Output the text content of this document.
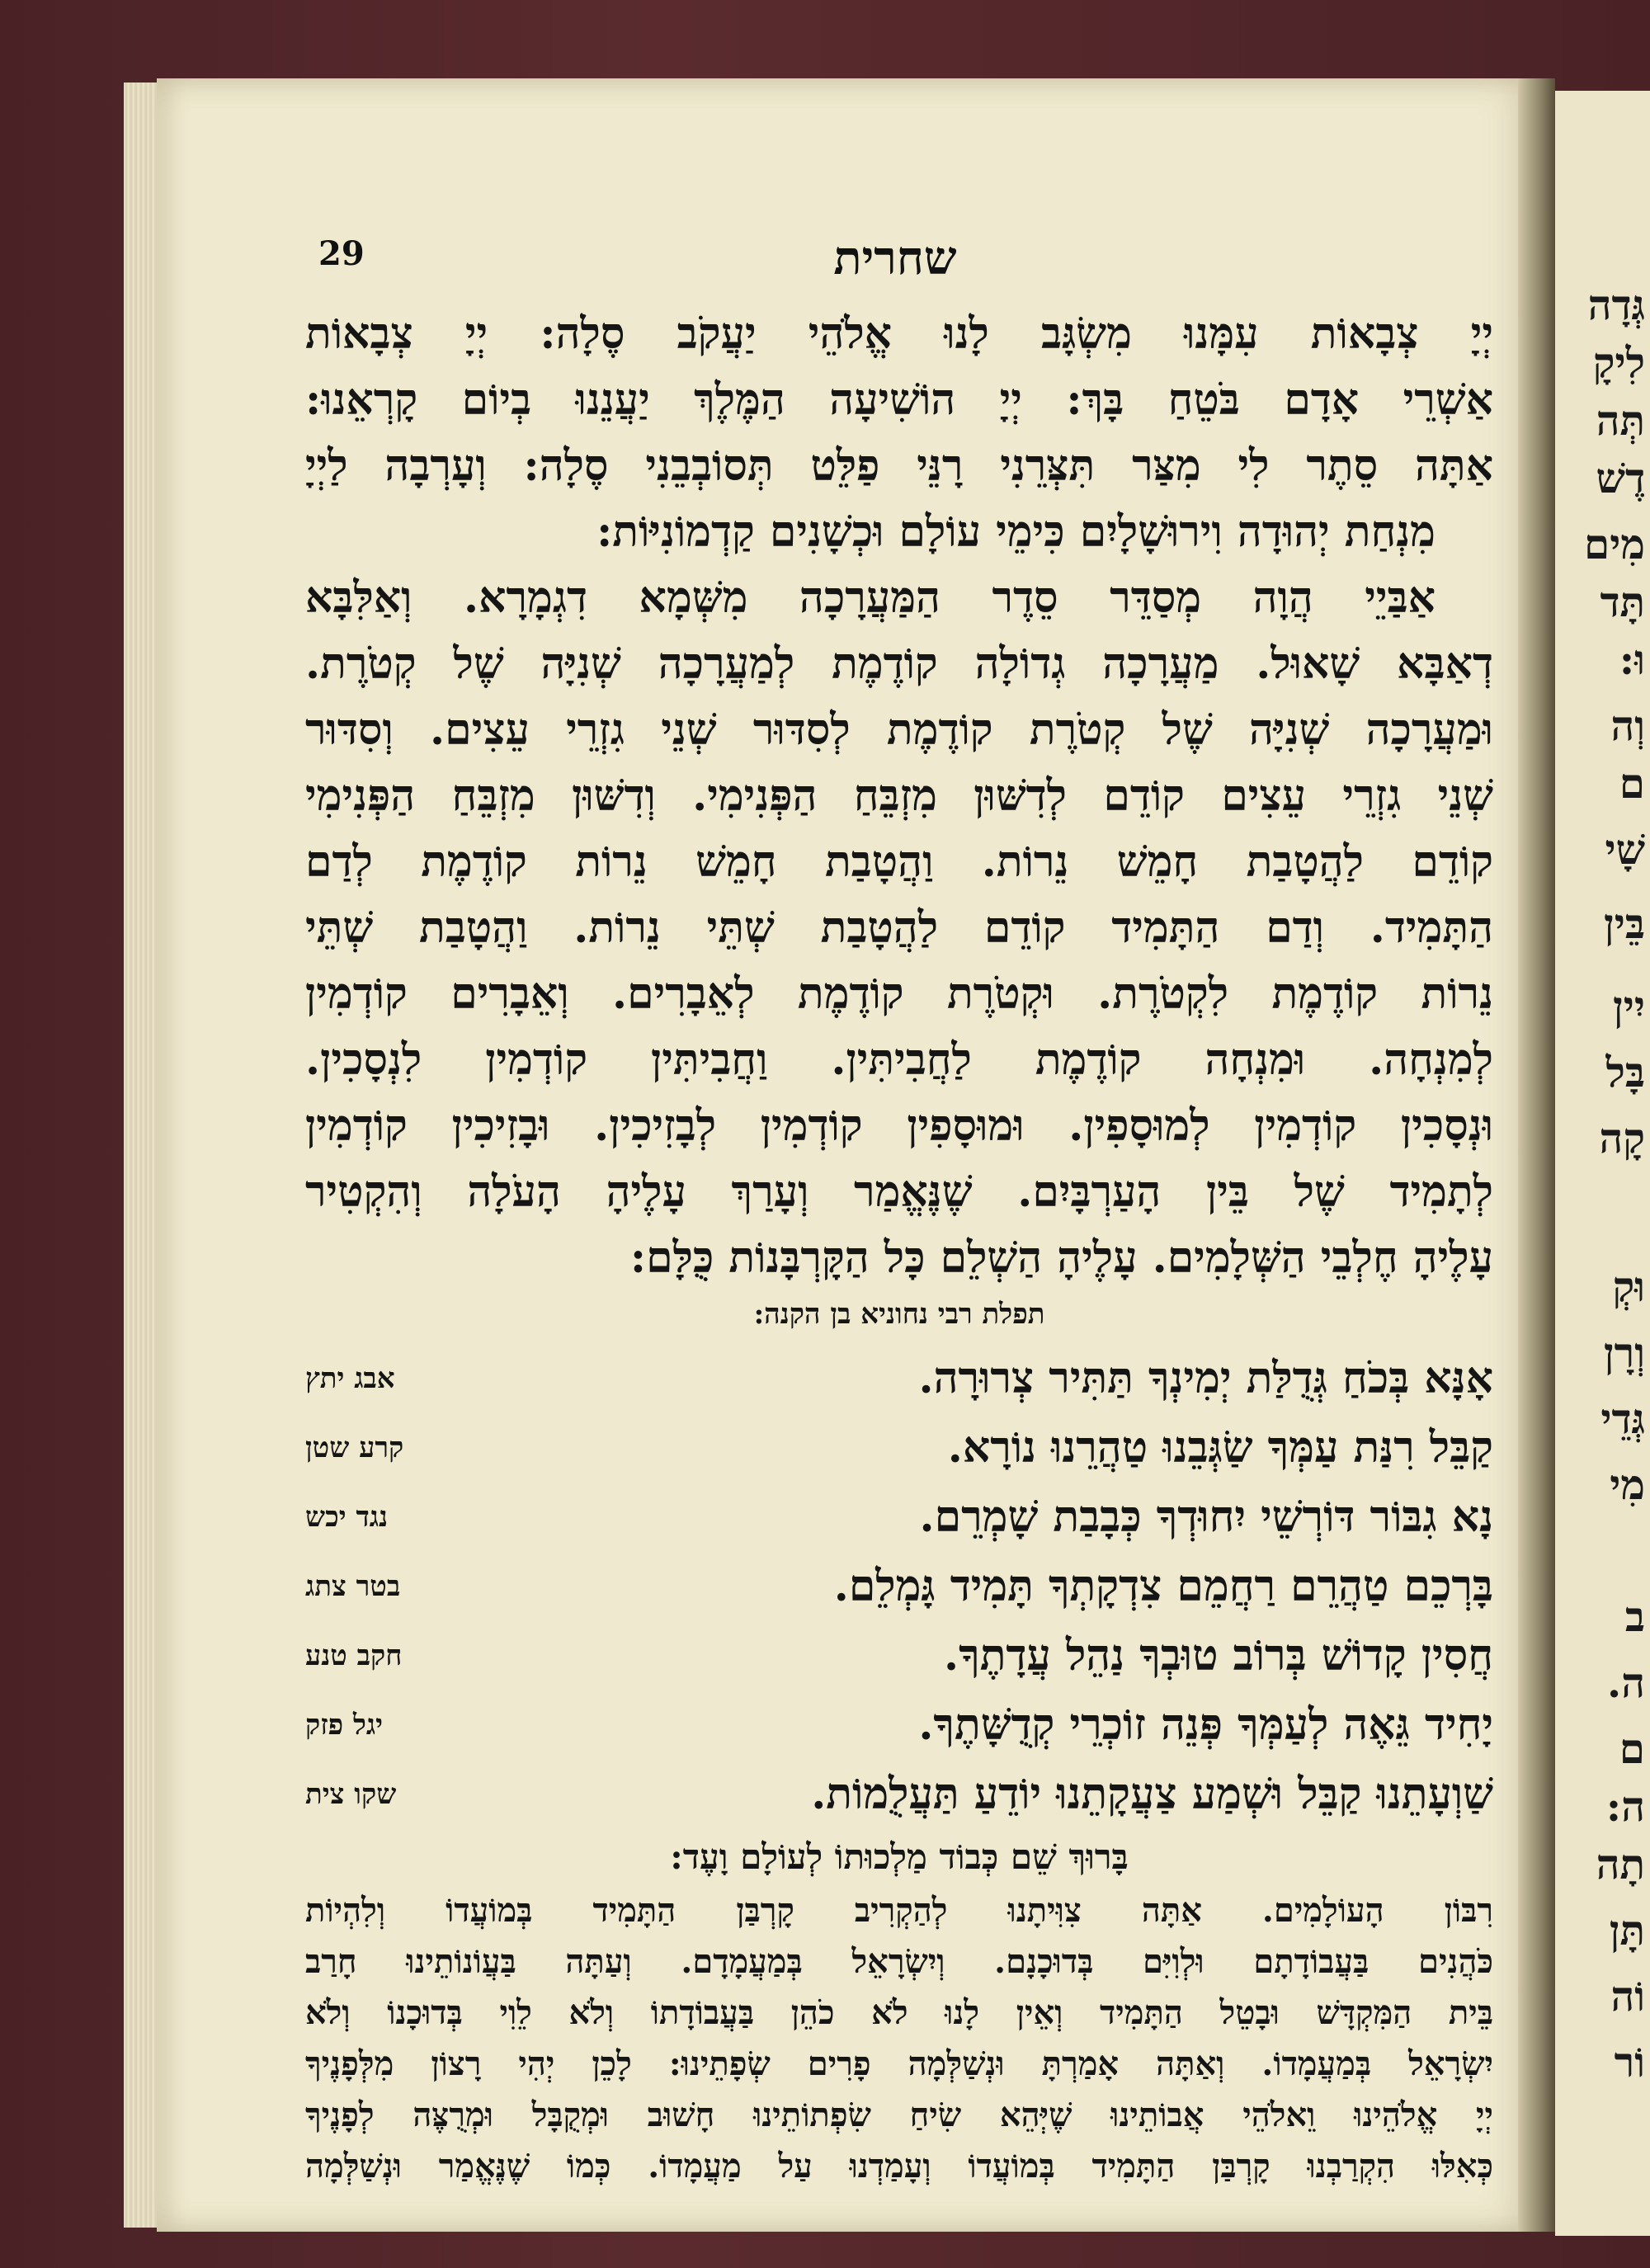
גְּדָה
לִיקָ
תְּה
דֶשׁ
מִים
תָּד
וּ:
וְה
ם
שָׁי
בֵּין
יִין
בָּל
קָה
וּקְ
וְרָן
גְּדֵי
מִי
ב
ה.
ם
ה:
תָה
תָּן
וֹה
וֹר
29	שחרית
יְיָ צְבָאוֹת עִמָּנוּ מִשְׂגָּב לָנוּ אֱלֹהֵי יַעֲקֹב סֶלָה: יְיָ צְבָאוֹת
אַשְׁרֵי אָדָם בֹּטֵחַ בָּךְ: יְיָ הוֹשִׁיעָה הַמֶּלֶךְ יַעֲנֵנוּ בְיוֹם קָרְאֵנוּ:
אַתָּה סֵתֶר לִי מִצַּר תִּצְּרֵנִי רָנֵּי פַלֵּט תְּסוֹבְבֵנִי סֶלָה: וְעָרְבָה לַיְיָ
מִנְחַת יְהוּדָה וִירוּשָׁלָיִם כִּימֵי עוֹלָם וּכְשָׁנִים קַדְמוֹנִיּוֹת:
אַבַּיֵי הֲוָה מְסַדֵּר סֵדֶר הַמַּעֲרָכָה מִשְּׁמָא דִגְמָרָא. וְאַלִּבָּא
דְאַבָּא שָׁאוּל. מַעֲרָכָה גְדוֹלָה קוֹדֶמֶת לְמַעֲרָכָה שְׁנִיָּה שֶׁל קְטֹרֶת.
וּמַעֲרָכָה שְׁנִיָּה שֶׁל קְטֹרֶת קוֹדֶמֶת לְסִדּוּר שְׁנֵי גִזְרֵי עֵצִים. וְסִדּוּר
שְׁנֵי גִזְרֵי עֵצִים קוֹדֵם לְדִשּׁוּן מִזְבֵּחַ הַפְּנִימִי. וְדִשּׁוּן מִזְבֵּחַ הַפְּנִימִי
קוֹדֵם לַהֲטָבַת חָמֵשׁ נֵרוֹת. וַהֲטָבַת חָמֵשׁ נֵרוֹת קוֹדֶמֶת לְדַם
הַתָּמִיד. וְדַם הַתָּמִיד קוֹדֵם לַהֲטָבַת שְׁתֵּי נֵרוֹת. וַהֲטָבַת שְׁתֵּי
נֵרוֹת קוֹדֶמֶת לִקְטֹרֶת. וּקְטֹרֶת קוֹדֶמֶת לְאֵבָרִים. וְאֵבָרִים קוֹדְמִין
לְמִנְחָה. וּמִנְחָה קוֹדֶמֶת לַחֲבִיתִּין. וַחֲבִיתִּין קוֹדְמִין לִנְסָכִין.
וּנְסָכִין קוֹדְמִין לְמוּסָפִין. וּמוּסָפִין קוֹדְמִין לְבָזִיכִין. וּבָזִיכִין קוֹדְמִין
לְתָמִיד שֶׁל בֵּין הָעַרְבָּיִם. שֶׁנֶּאֱמַר וְעָרַךְ עָלֶיהָ הָעֹלָה וְהִקְטִיר
עָלֶיהָ חֶלְבֵי הַשְּׁלָמִים. עָלֶיהָ הַשְׁלֵם כָּל הַקָּרְבָּנוֹת כֻּלָּם:
תפלת רבי נחוניא בן הקנה:
אָנָּא בְּכֹחַ גְּדֻלַּת יְמִינְךָ תַּתִּיר צְרוּרָה.
אבג יתץ
קַבֵּל רִנַּת עַמְּךָ שַׂגְּבֵנוּ טַהֲרֵנוּ נוֹרָא.
קרע שטן
נָא גִבּוֹר דּוֹרְשֵׁי יִחוּדְךָ כְּבָבַת שָׁמְרֵם.
נגד יכש
בָּרְכֵם טַהֲרֵם רַחֲמֵם צִדְקָתְךָ תָּמִיד גָּמְלֵם.
בטר צתג
חֲסִין קָדוֹשׁ בְּרוֹב טוּבְךָ נַהֵל עֲדָתֶךָ.
חקב טנע
יָחִיד גֵּאֶה לְעַמְּךָ פְּנֵה זוֹכְרֵי קְדֻשָּׁתֶךָ.
יגל פזק
שַׁוְעָתֵנוּ קַבֵּל וּשְׁמַע צַעֲקָתֵנוּ יוֹדֵעַ תַּעֲלֻמוֹת.
שקו צית
בָּרוּךְ שֵׁם כְּבוֹד מַלְכוּתוֹ לְעוֹלָם וָעֶד:
רִבּוֹן הָעוֹלָמִים. אַתָּה צִוִּיתָנוּ לְהַקְרִיב קָרְבַּן הַתָּמִיד בְּמוֹעֲדוֹ וְלִהְיוֹת
כֹּהֲנִים בַּעֲבוֹדָתָם וּלְוִיִּם בְּדוּכָנָם. וְיִשְׂרָאֵל בְּמַעֲמָדָם. וְעַתָּה בַּעֲוֹנוֹתֵינוּ חָרַב
בֵּית הַמִּקְדָּשׁ וּבָטֵל הַתָּמִיד וְאֵין לָנוּ לֹא כֹהֵן בַּעֲבוֹדָתוֹ וְלֹא לֵוִי בְּדוּכָנוֹ וְלֹא
יִשְׂרָאֵל בְּמַעֲמָדוֹ. וְאַתָּה אָמַרְתָּ וּנְשַׁלְּמָה פָרִים שְׂפָתֵינוּ: לָכֵן יְהִי רָצוֹן מִלְּפָנֶיךָ
יְיָ אֱלֹהֵינוּ וֵאלֹהֵי אֲבוֹתֵינוּ שֶׁיְּהֵא שִׂיחַ שִׂפְתוֹתֵינוּ חָשׁוּב וּמְקֻבָּל וּמְרֻצֶּה לְפָנֶיךָ
כְּאִלּוּ הִקְרַבְנוּ קָרְבַּן הַתָּמִיד בְּמוֹעֲדוֹ וְעָמַדְנוּ עַל מַעֲמָדוֹ. כְּמוֹ שֶׁנֶּאֱמַר וּנְשַׁלְּמָה
